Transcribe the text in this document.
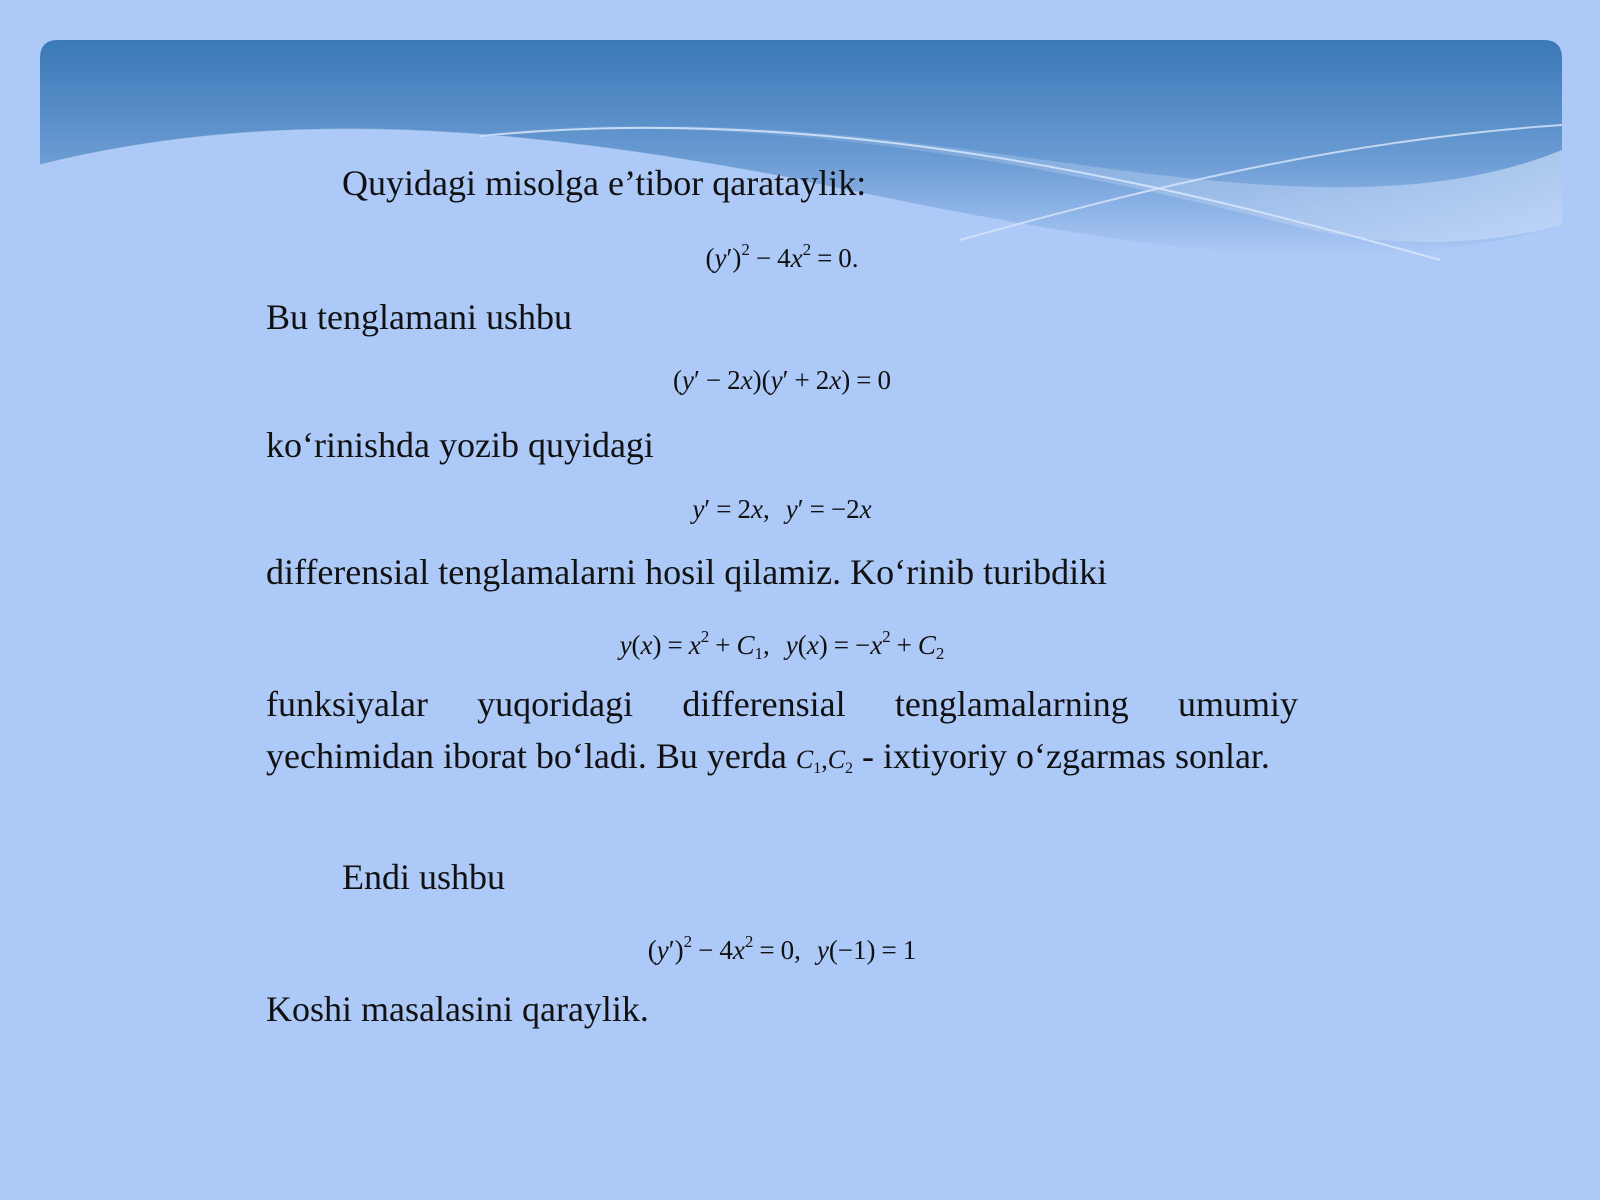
Quyidagi misolga e’tibor qarataylik:

$(y')^2 - 4x^2 = 0$.

Bu tenglamani ushbu

(y′ − 2x)(y′ + 2x) = 0

ko‘rinishda yozib quyidagi

y′ = 2x, y′ = −2x

differensial tenglamalarni hosil qilamiz. Ko‘rinib turibdiki

$y(x) = x^2 + C_1$, $y(x) = -x^2 + C_2$

funksiyalar yuqoridagi differensial tenglamalarning umumiy yechimidan iborat bo‘ladi. Bu yerda $C_1,C_2$ - ixtiyoriy o‘zgarmas sonlar.

Endi ushbu

$(y')^2 - 4x^2 = 0$, y(−1) = 1

Koshi masalasini qaraylik.
